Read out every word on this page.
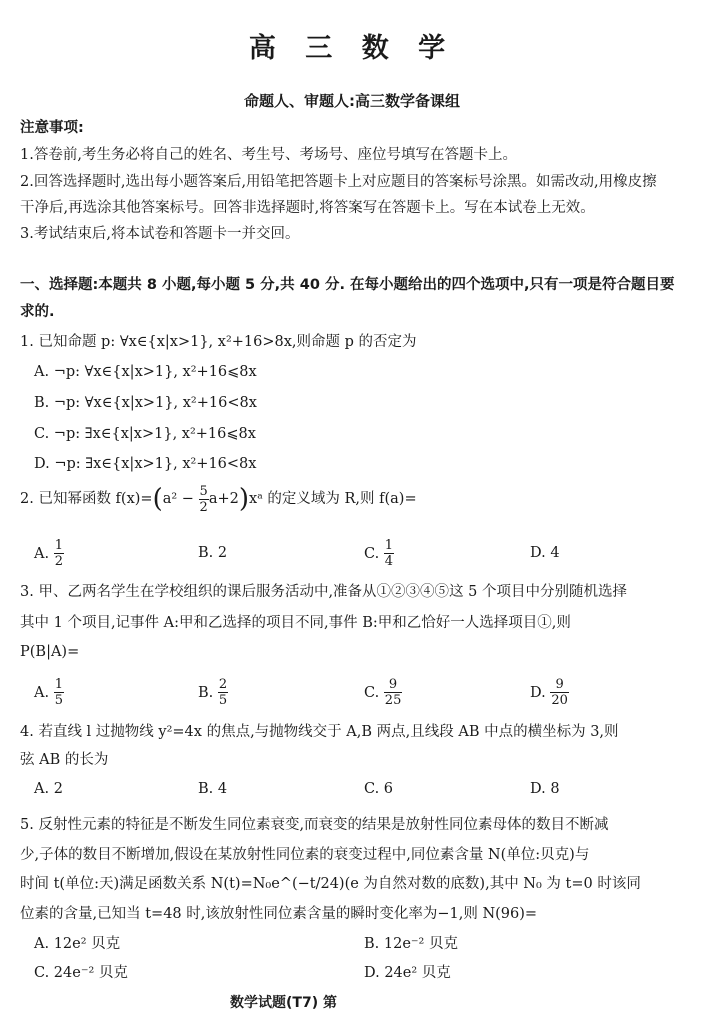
高 三 数 学
命题人、审题人:高三数学备课组
注意事项:
1.答卷前,考生务必将自己的姓名、考生号、考场号、座位号填写在答题卡上。
2.回答选择题时,选出每小题答案后,用铅笔把答题卡上对应题目的答案标号涂黑。如需改动,用橡皮擦
干净后,再选涂其他答案标号。回答非选择题时,将答案写在答题卡上。写在本试卷上无效。
3.考试结束后,将本试卷和答题卡一并交回。
一、选择题:本题共 8 小题,每小题 5 分,共 40 分. 在每小题给出的四个选项中,只有一项是符合题目要
求的.
1. 已知命题 p: ∀x∈{x|x>1}, x²+16>8x,则命题 p 的否定为
A. ¬p: ∀x∈{x|x>1}, x²+16⩽8x
B. ¬p: ∀x∈{x|x>1}, x²+16<8x
C. ¬p: ∃x∈{x|x>1}, x²+16⩽8x
D. ¬p: ∃x∈{x|x>1}, x²+16<8x
2. 已知幂函数 $f(x)=(a^2 - \frac{5}{2}$ a+2)xᵃ 的定义域为 R,则 f(a)=
A. $\frac{1}{2}$	B. 2	C. $\frac{1}{4}$	D. 4
3. 甲、乙两名学生在学校组织的课后服务活动中,准备从①②③④⑤这 5 个项目中分别随机选择
其中 1 个项目,记事件 A:甲和乙选择的项目不同,事件 B:甲和乙恰好一人选择项目①,则
P(B|A)=
A. $\frac{1}{5}$	B. $\frac{2}{5}$	C. $\frac{9}{25}$	D. $\frac{9}{20}$
4. 若直线 l 过抛物线 y²=4x 的焦点,与抛物线交于 A,B 两点,且线段 AB 中点的横坐标为 3,则
弦 AB 的长为
A. 2	B. 4	C. 6	D. 8
5. 反射性元素的特征是不断发生同位素衰变,而衰变的结果是放射性同位素母体的数目不断减
少,子体的数目不断增加,假设在某放射性同位素的衰变过程中,同位素含量 N(单位:贝克)与
时间 t(单位:天)满足函数关系 N(t)=N₀e^(−t/24)(e 为自然对数的底数),其中 N₀ 为 t=0 时该同
位素的含量,已知当 t=48 时,该放射性同位素含量的瞬时变化率为−1,则 N(96)=
A. 12e² 贝克	B. 12e⁻² 贝克
C. 24e⁻² 贝克	D. 24e² 贝克
数学试题(T7) 第
